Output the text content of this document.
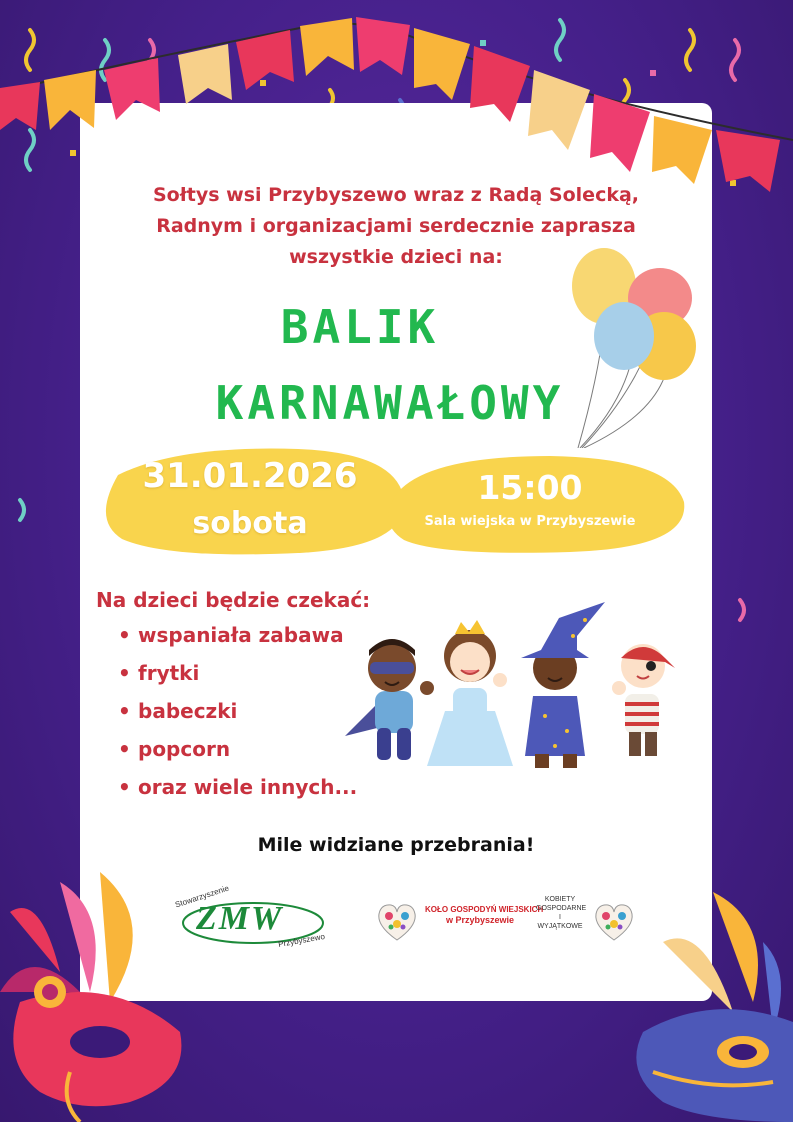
Sołtys wsi Przybyszewo wraz z Radą Solecką,
Radnym i organizacjami serdecznie zaprasza
wszystkie dzieci na:
BALIK
KARNAWAŁOWY
31.01.2026
sobota
15:00
Sala wiejska w Przybyszewie
Na dzieci będzie czekać:
• wspaniała zabawa
• frytki
• babeczki
• popcorn
• oraz wiele innych...
Mile widziane przebrania!
Stowarzyszenie
ZMW
Przybyszewo
KOŁO GOSPODYŃ WIEJSKICH
w Przybyszewie
KOBIETY
GOSPODARNE
I WYJĄTKOWE
